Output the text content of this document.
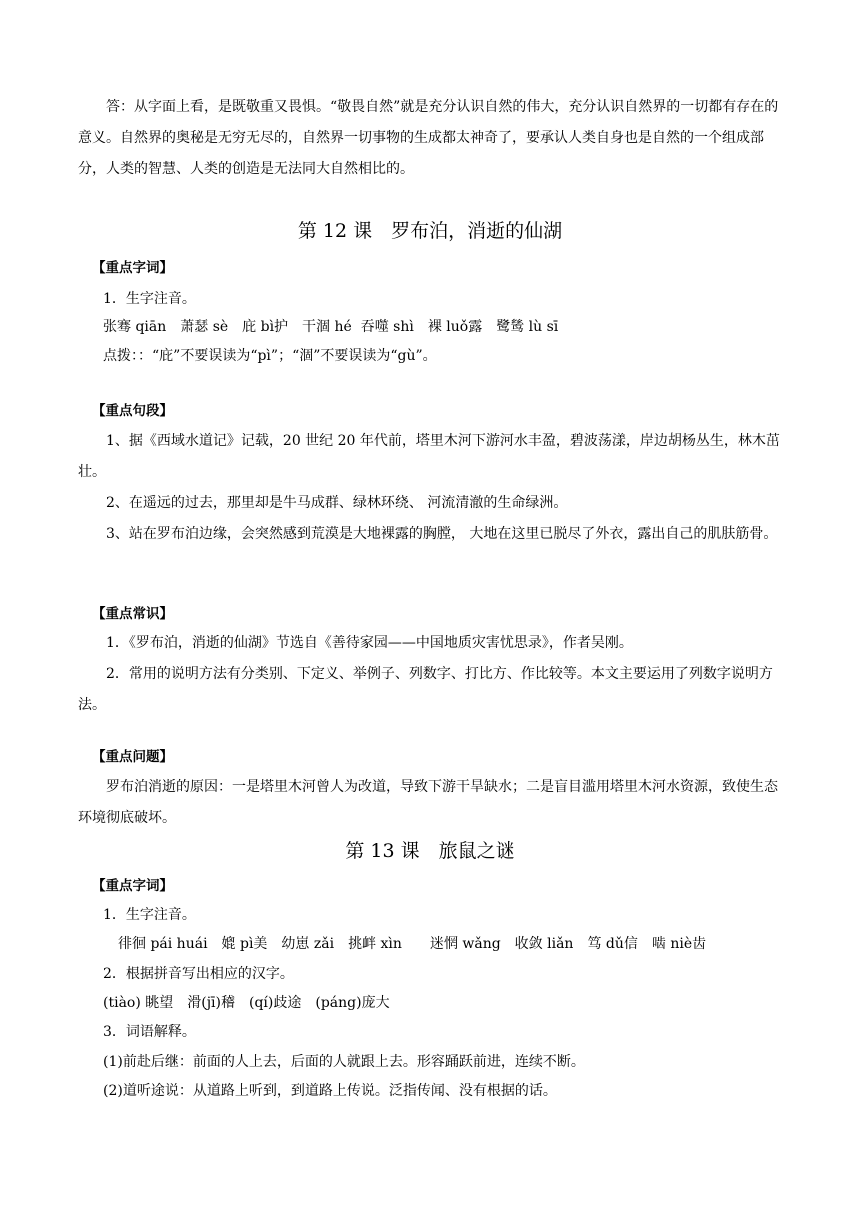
答：从字面上看，是既敬重又畏惧。“敬畏自然”就是充分认识自然的伟大，充分认识自然界的一切都有存在的意义。自然界的奥秘是无穷无尽的，自然界一切事物的生成都太神奇了，要承认人类自身也是自然的一个组成部分，人类的智慧、人类的创造是无法同大自然相比的。

第 12 课　罗布泊，消逝的仙湖
【重点字词】
1．生字注音。
张骞 qiān　萧瑟 sè　庇 bì护　干涸 hé  吞噬 shì　裸 luǒ露　鹭鸶 lù sī
点拨：：“庇”不要误读为“pì”；“涸”不要误读为“gù”。
【重点句段】

1、据《西域水道记》记载，20 世纪 20 年代前，塔里木河下游河水丰盈，碧波荡漾，岸边胡杨丛生，林木茁壮。

2、在遥远的过去，那里却是牛马成群、绿林环绕、 河流清澈的生命绿洲。

3、站在罗布泊边缘，会突然感到荒漠是大地裸露的胸膛， 大地在这里已脱尽了外衣，露出自己的肌肤筋骨。

【重点常识】

1．《罗布泊，消逝的仙湖》节选自《善待家园——中国地质灾害忧思录》，作者吴刚。

2．常用的说明方法有分类别、下定义、举例子、列数字、打比方、作比较等。本文主要运用了列数字说明方法。

【重点问题】

罗布泊消逝的原因：一是塔里木河曾人为改道，导致下游干旱缺水；二是盲目滥用塔里木河水资源，致使生态环境彻底破坏。

第 13 课　旅鼠之谜
【重点字词】
1．生字注音。
徘徊 pái huái　媲 pì美　幼崽 zǎi　挑衅 xìn　　迷惘 wǎng　收敛 liǎn　笃 dǔ信　啮 niè齿
2．根据拼音写出相应的汉字。
(tiào) 眺望　滑(jī)稽　(qí)歧途　(páng)庞大
3．词语解释。
(1)前赴后继：前面的人上去，后面的人就跟上去。形容踊跃前进，连续不断。
(2)道听途说：从道路上听到，到道路上传说。泛指传闻、没有根据的话。
